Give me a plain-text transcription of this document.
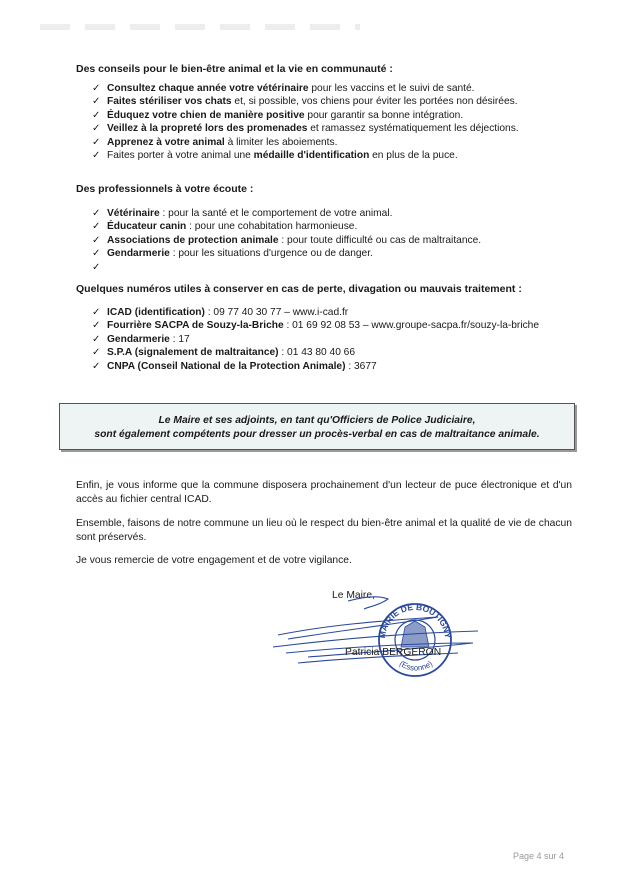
Des conseils pour le bien-être animal et la vie en communauté :
✓ Consultez chaque année votre vétérinaire pour les vaccins et le suivi de santé.
✓ Faites stériliser vos chats et, si possible, vos chiens pour éviter les portées non désirées.
✓ Éduquez votre chien de manière positive pour garantir sa bonne intégration.
✓ Veillez à la propreté lors des promenades et ramassez systématiquement les déjections.
✓ Apprenez à votre animal à limiter les aboiements.
✓ Faites porter à votre animal une médaille d'identification en plus de la puce.
Des professionnels à votre écoute :
✓ Vétérinaire : pour la santé et le comportement de votre animal.
✓ Éducateur canin : pour une cohabitation harmonieuse.
✓ Associations de protection animale : pour toute difficulté ou cas de maltraitance.
✓ Gendarmerie : pour les situations d'urgence ou de danger.
✓
Quelques numéros utiles à conserver en cas de perte, divagation ou mauvais traitement :
✓ ICAD (identification) : 09 77 40 30 77 – www.i-cad.fr
✓ Fourrière SACPA de Souzy-la-Briche : 01 69 92 08 53 – www.groupe-sacpa.fr/souzy-la-briche
✓ Gendarmerie : 17
✓ S.P.A (signalement de maltraitance) : 01 43 80 40 66
✓ CNPA (Conseil National de la Protection Animale) : 3677
Le Maire et ses adjoints, en tant qu'Officiers de Police Judiciaire,
sont également compétents pour dresser un procès-verbal en cas de maltraitance animale.
Enfin, je vous informe que la commune disposera prochainement d'un lecteur de puce électronique et d'un accès au fichier central ICAD.
Ensemble, faisons de notre commune un lieu où le respect du bien-être animal et la qualité de vie de chacun sont préservés.
Je vous remercie de votre engagement et de votre vigilance.
Le Maire,
MAIRIE DE BOUTIGNY
(Essonne)
Patricia BERGERON
Page 4 sur 4
